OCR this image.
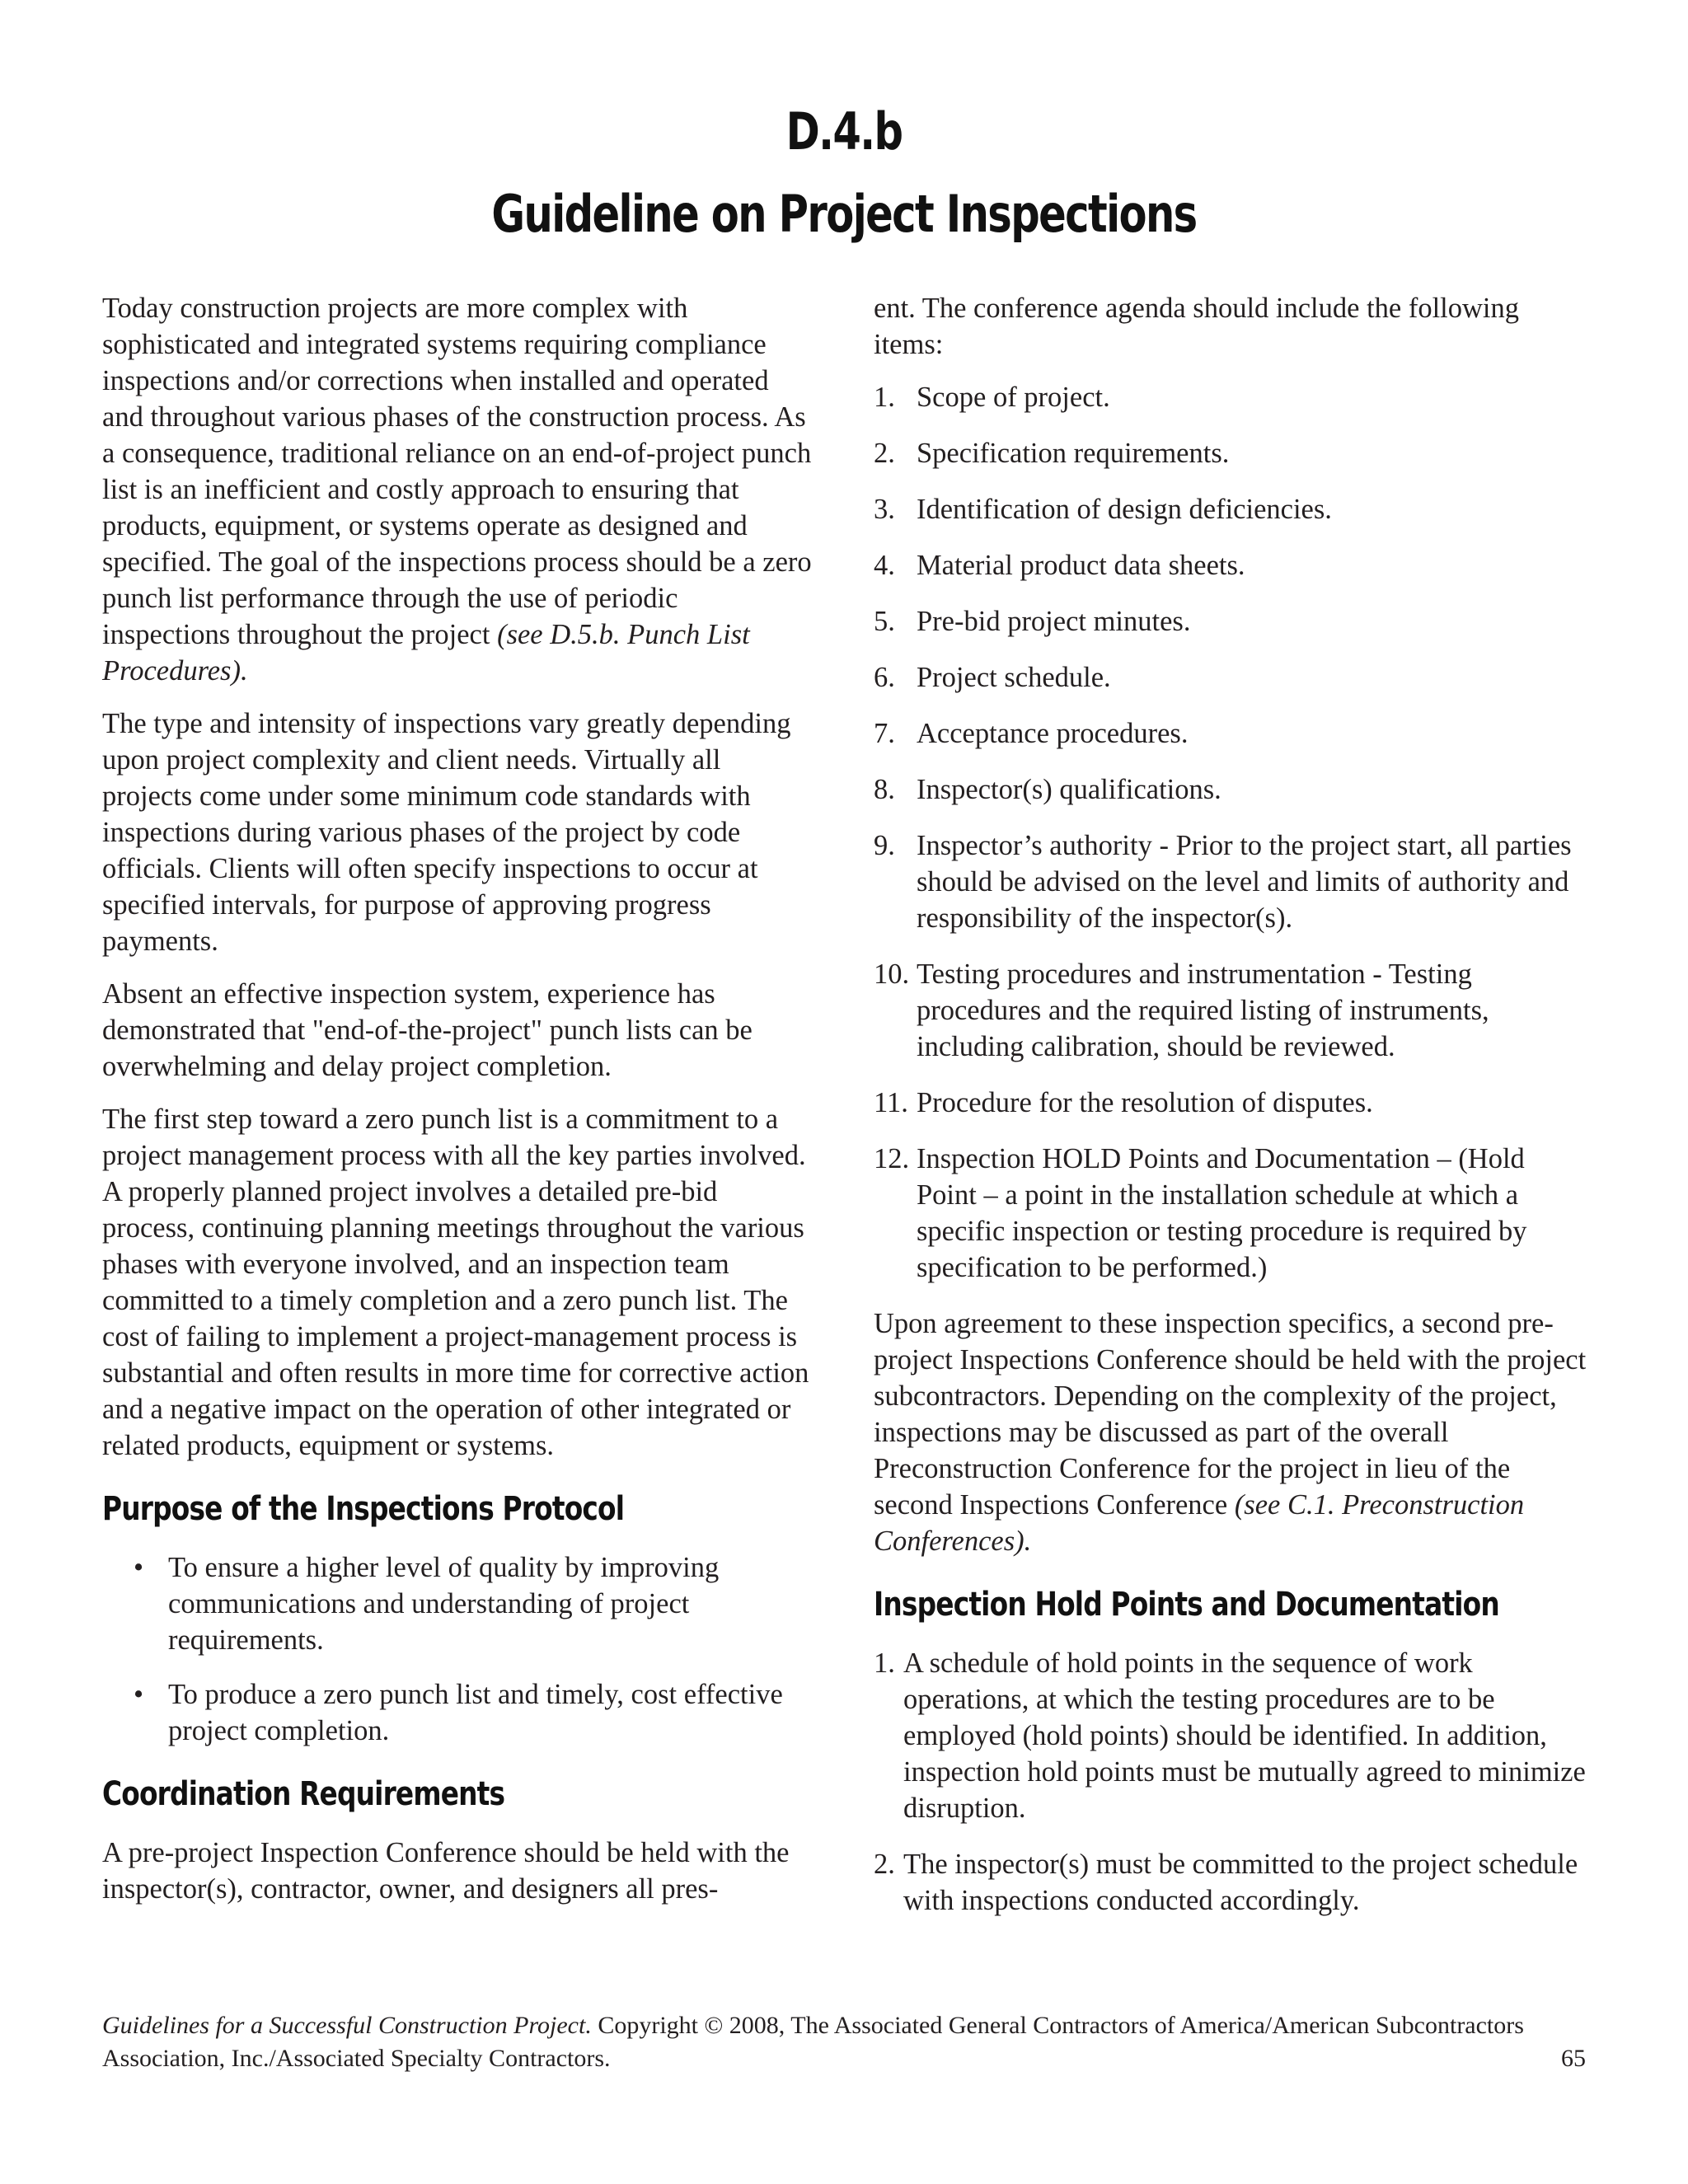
D.4.b
Guideline on Project Inspections

Today construction projects are more complex with sophisticated and integrated systems requiring compliance inspections and/or corrections when installed and operated and throughout various phases of the construction process. As a consequence, traditional reliance on an end-of-project punch list is an inefficient and costly approach to ensuring that products, equipment, or systems operate as designed and specified. The goal of the inspections process should be a zero punch list performance through the use of periodic inspections throughout the project (see D.5.b. Punch List Procedures).

The type and intensity of inspections vary greatly depending upon project complexity and client needs. Virtually all projects come under some minimum code standards with inspections during various phases of the project by code officials. Clients will often specify inspections to occur at specified intervals, for purpose of approving progress payments.

Absent an effective inspection system, experience has demonstrated that "end-of-the-project" punch lists can be overwhelming and delay project completion.

The first step toward a zero punch list is a commitment to a project management process with all the key parties involved. A properly planned project involves a detailed pre-bid process, continuing planning meetings throughout the various phases with everyone involved, and an inspection team committed to a timely completion and a zero punch list. The cost of failing to implement a project-management process is substantial and often results in more time for corrective action and a negative impact on the operation of other integrated or related products, equipment or systems.

Purpose of the Inspections Protocol
• To ensure a higher level of quality by improving communications and understanding of project requirements.
• To produce a zero punch list and timely, cost effective project completion.
Coordination Requirements

A pre-project Inspection Conference should be held with the inspector(s), contractor, owner, and designers all pres-

ent. The conference agenda should include the following items:

1. Scope of project.
2. Specification requirements.
3. Identification of design deficiencies.
4. Material product data sheets.
5. Pre-bid project minutes.
6. Project schedule.
7. Acceptance procedures.
8. Inspector(s) qualifications.
9. Inspector’s authority - Prior to the project start, all parties should be advised on the level and limits of authority and responsibility of the inspector(s).
10. Testing procedures and instrumentation - Testing procedures and the required listing of instruments, including calibration, should be reviewed.
11. Procedure for the resolution of disputes.
12. Inspection HOLD Points and Documentation – (Hold Point – a point in the installation schedule at which a specific inspection or testing procedure is required by specification to be performed.)

Upon agreement to these inspection specifics, a second pre-project Inspections Conference should be held with the project subcontractors. Depending on the complexity of the project, inspections may be discussed as part of the overall Preconstruction Conference for the project in lieu of the second Inspections Conference (see C.1. Preconstruction Conferences).

Inspection Hold Points and Documentation
1. A schedule of hold points in the sequence of work operations, at which the testing procedures are to be employed (hold points) should be identified. In addition, inspection hold points must be mutually agreed to minimize disruption.
2. The inspector(s) must be committed to the project schedule with inspections conducted accordingly.
Guidelines for a Successful Construction Project. Copyright © 2008, The Associated General Contractors of America/American Subcontractors Association, Inc./Associated Specialty Contractors.	65
